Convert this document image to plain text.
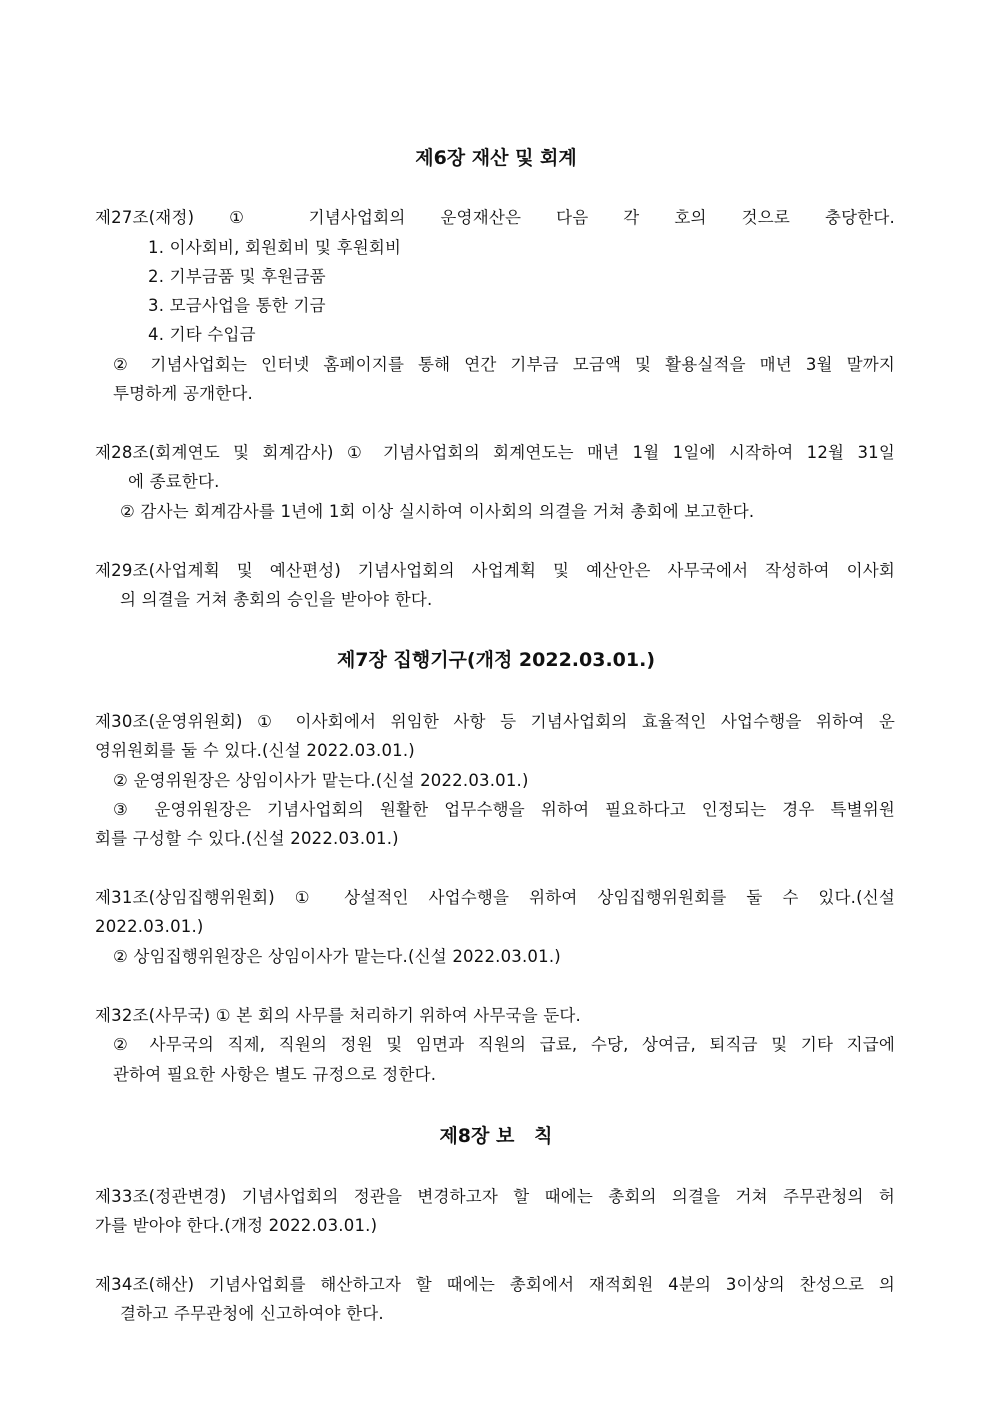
제6장 재산 및 회계

제27조(재정) ① 기념사업회의 운영재산은 다음 각 호의 것으로 충당한다.

1. 이사회비, 회원회비 및 후원회비

2. 기부금품 및 후원금품

3. 모금사업을 통한 기금

4. 기타 수입금

② 기념사업회는 인터넷 홈페이지를 통해 연간 기부금 모금액 및 활용실적을 매년 3월 말까지

투명하게 공개한다.

제28조(회계연도 및 회계감사) ① 기념사업회의 회계연도는 매년 1월 1일에 시작하여 12월 31일

에 종료한다.

② 감사는 회계감사를 1년에 1회 이상 실시하여 이사회의 의결을 거쳐 총회에 보고한다.

제29조(사업계획 및 예산편성) 기념사업회의 사업계획 및 예산안은 사무국에서 작성하여 이사회

의 의결을 거쳐 총회의 승인을 받아야 한다.

제7장 집행기구(개정 2022.03.01.)

제30조(운영위원회) ① 이사회에서 위임한 사항 등 기념사업회의 효율적인 사업수행을 위하여 운

영위원회를 둘 수 있다.(신설 2022.03.01.)

② 운영위원장은 상임이사가 맡는다.(신설 2022.03.01.)

③ 운영위원장은 기념사업회의 원활한 업무수행을 위하여 필요하다고 인정되는 경우 특별위원

회를 구성할 수 있다.(신설 2022.03.01.)

제31조(상임집행위원회) ① 상설적인 사업수행을 위하여 상임집행위원회를 둘 수 있다.(신설

2022.03.01.)

② 상임집행위원장은 상임이사가 맡는다.(신설 2022.03.01.)

제32조(사무국) ① 본 회의 사무를 처리하기 위하여 사무국을 둔다.

② 사무국의 직제, 직원의 정원 및 임면과 직원의 급료, 수당, 상여금, 퇴직금 및 기타 지급에

관하여 필요한 사항은 별도 규정으로 정한다.

제8장 보   칙

제33조(정관변경) 기념사업회의 정관을 변경하고자 할 때에는 총회의 의결을 거쳐 주무관청의 허

가를 받아야 한다.(개정 2022.03.01.)

제34조(해산) 기념사업회를 해산하고자 할 때에는 총회에서 재적회원 4분의 3이상의 찬성으로 의

결하고 주무관청에 신고하여야 한다.
